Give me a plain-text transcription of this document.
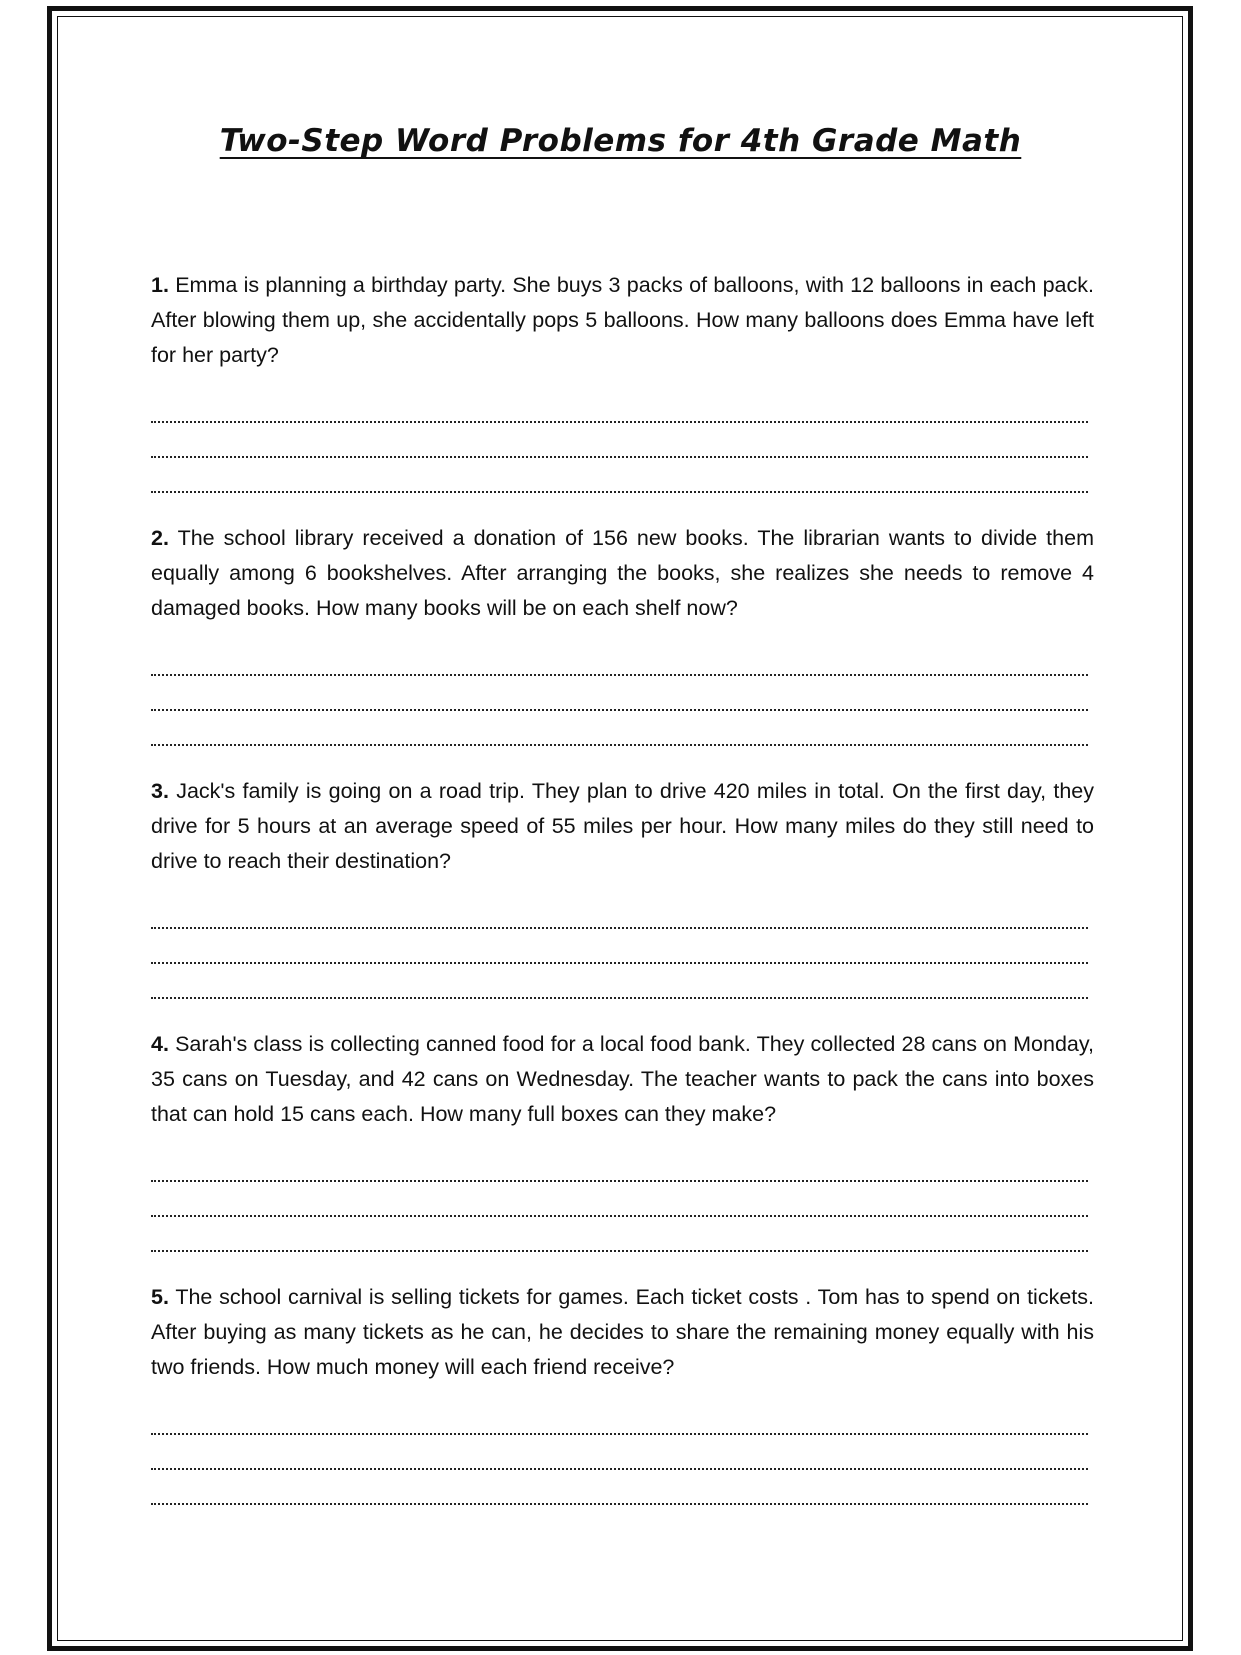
Two-Step Word Problems for 4th Grade Math

1. Emma is planning a birthday party. She buys 3 packs of balloons, with 12 balloons in each pack. After blowing them up, she accidentally pops 5 balloons. How many balloons does Emma have left for her party?

2. The school library received a donation of 156 new books. The librarian wants to divide them equally among 6 bookshelves. After arranging the books, she realizes she needs to remove 4 damaged books. How many books will be on each shelf now?

3. Jack's family is going on a road trip. They plan to drive 420 miles in total. On the first day, they drive for 5 hours at an average speed of 55 miles per hour. How many miles do they still need to drive to reach their destination?

4. Sarah's class is collecting canned food for a local food bank. They collected 28 cans on Monday, 35 cans on Tuesday, and 42 cans on Wednesday. The teacher wants to pack the cans into boxes that can hold 15 cans each. How many full boxes can they make?

5. The school carnival is selling tickets for games. Each ticket costs . Tom has to spend on tickets. After buying as many tickets as he can, he decides to share the remaining money equally with his two friends. How much money will each friend receive?
